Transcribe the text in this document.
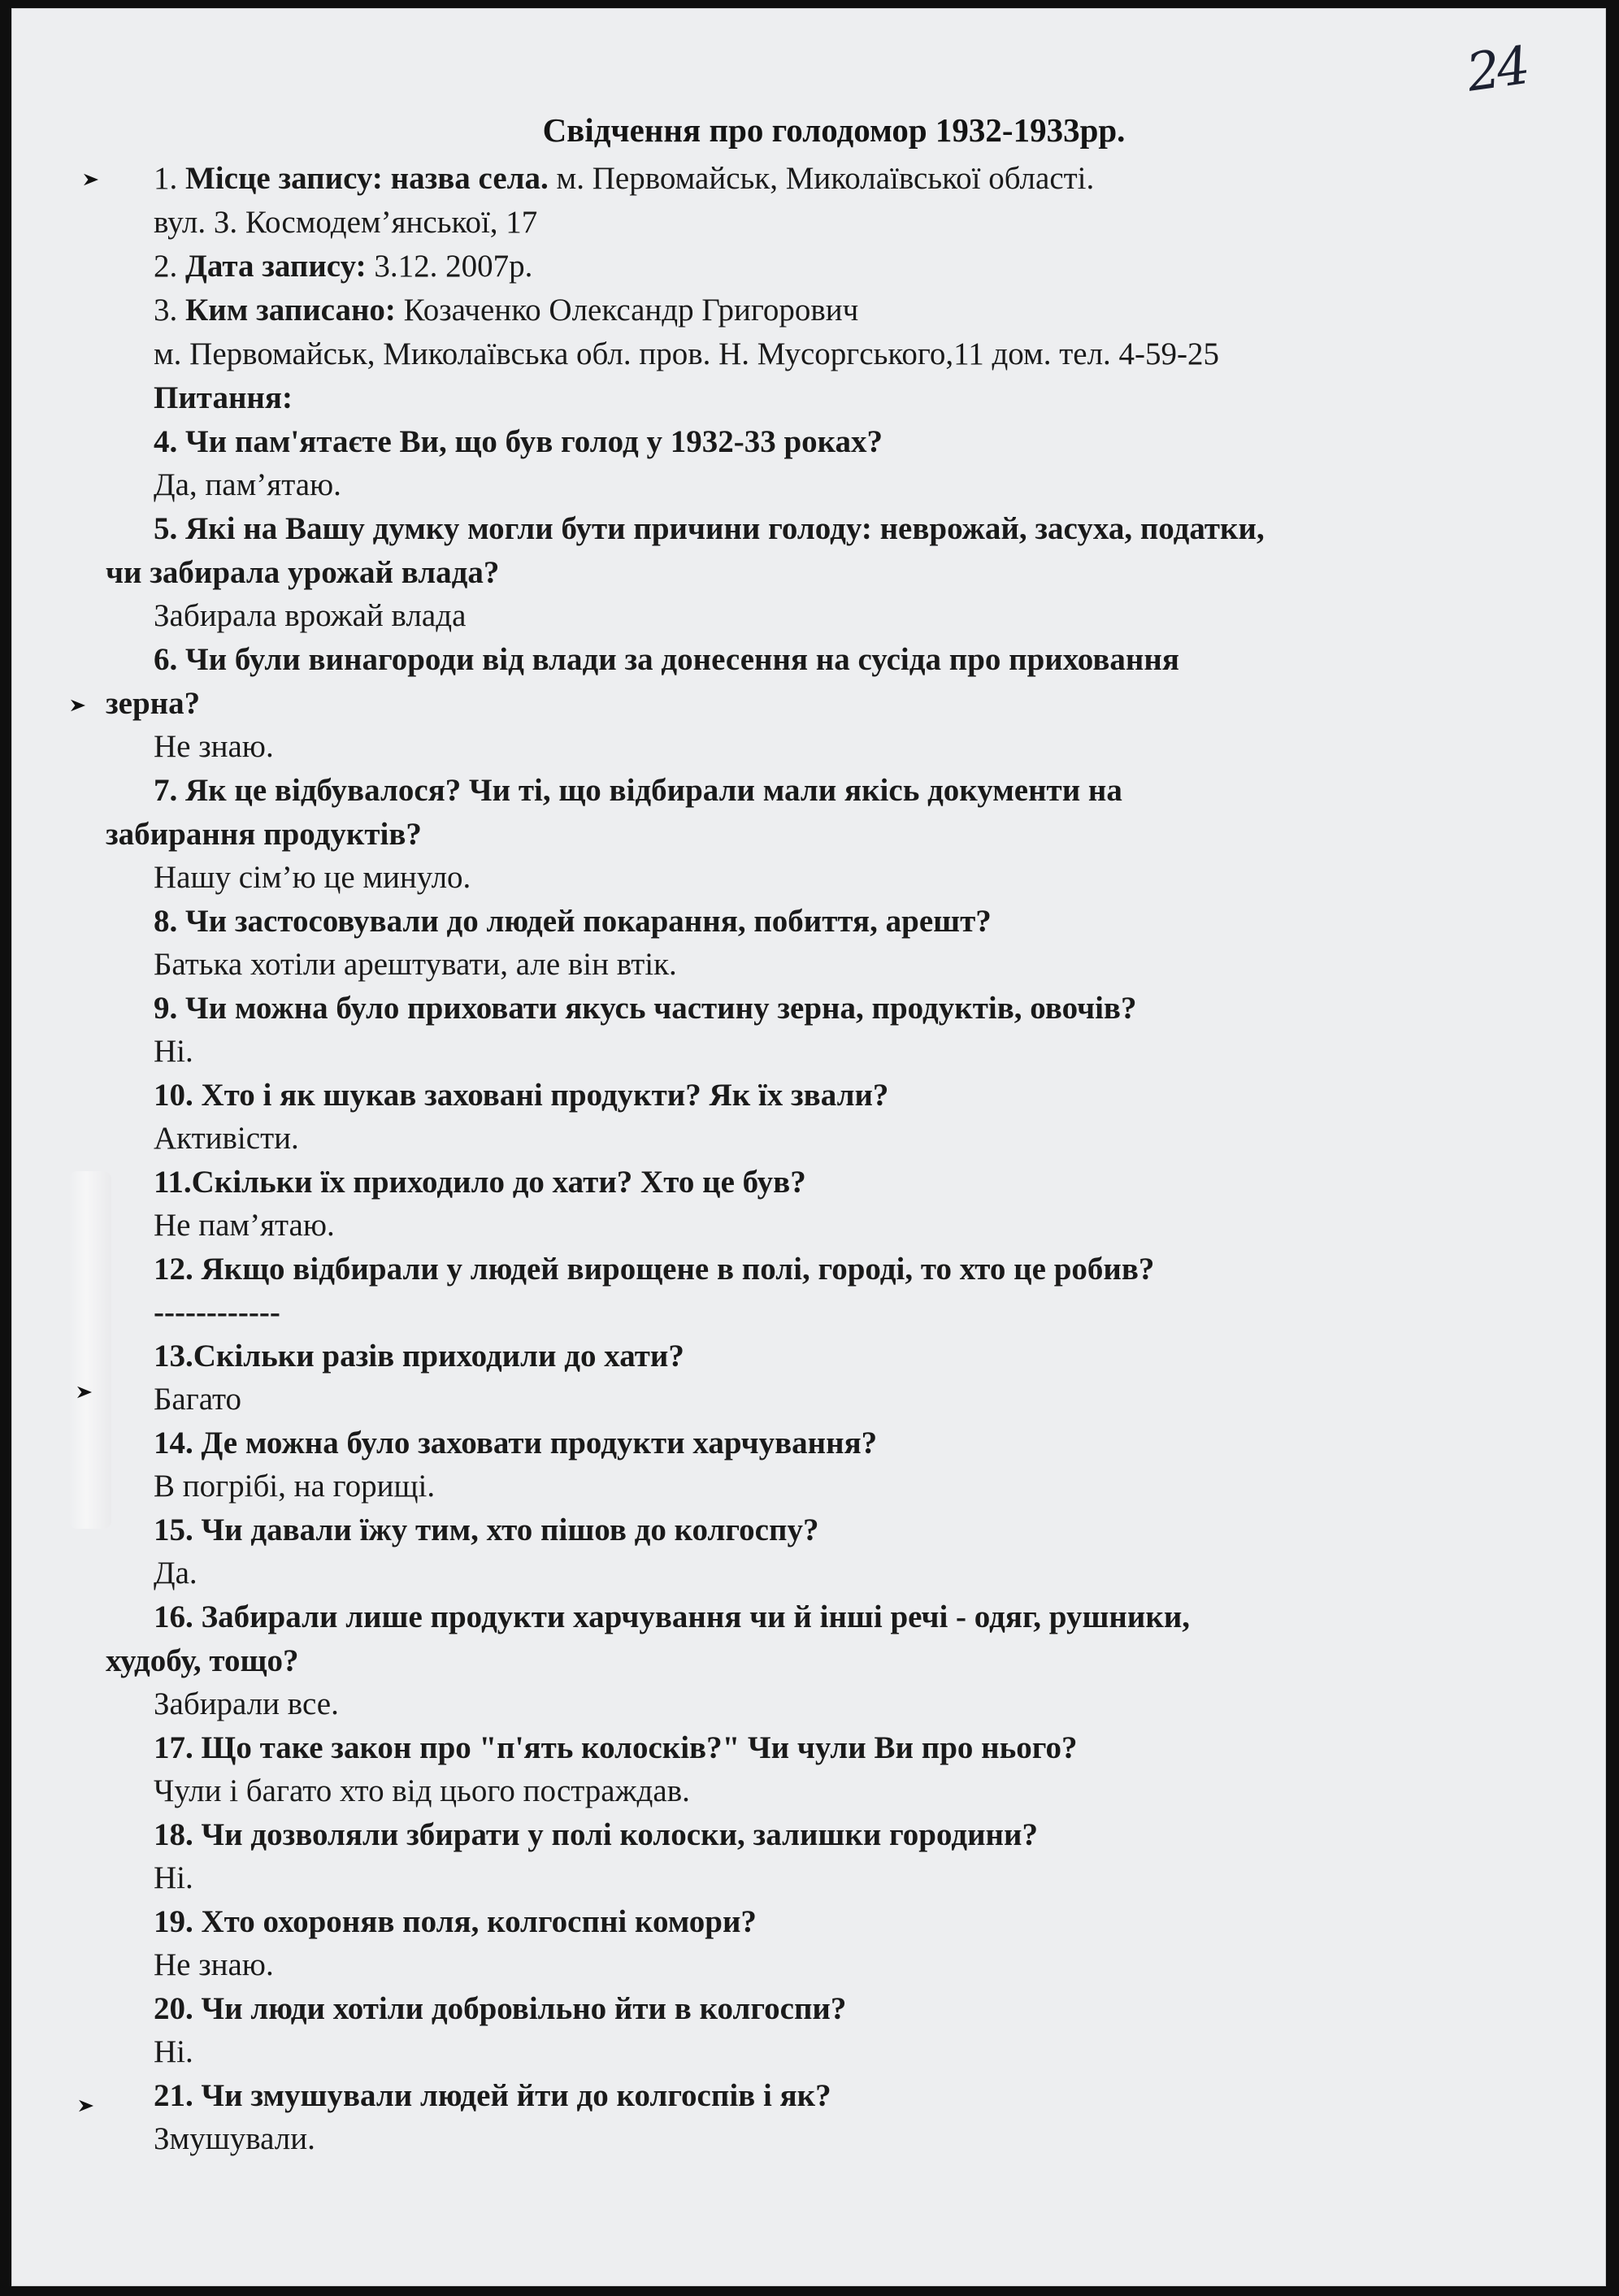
24
Свідчення про голодомор 1932-1933рр.
1. Місце запису: назва села. м. Первомайськ, Миколаївської області.
вул. З. Космодем’янської, 17
2. Дата запису: 3.12. 2007р.
3. Ким записано: Козаченко Олександр Григорович
м. Первомайськ, Миколаївська обл. пров. Н. Мусоргського,11 дом. тел. 4-59-25
Питання:
4. Чи пам'ятаєте Ви, що був голод у 1932-33 роках?
Да, пам’ятаю.
5. Які на Вашу думку могли бути причини голоду: неврожай, засуха, податки,
чи забирала урожай влада?
Забирала врожай влада
6. Чи були винагороди від влади за донесення на сусіда про приховання
зерна?
Не знаю.
7. Як це відбувалося? Чи ті, що відбирали мали якісь документи на
забирання продуктів?
Нашу сім’ю це минуло.
8. Чи застосовували до людей покарання, побиття, арешт?
Батька хотіли арештувати, але він втік.
9. Чи можна було приховати якусь частину зерна, продуктів, овочів?
Ні.
10. Хто і як шукав заховані продукти? Як їх звали?
Активісти.
11.Скільки їх приходило до хати? Хто це був?
Не пам’ятаю.
12. Якщо відбирали у людей вирощене в полі, городі, то хто це робив?
------------
13.Скільки разів приходили до хати?
Багато
14. Де можна було заховати продукти харчування?
В погрібі, на горищі.
15. Чи давали їжу тим, хто пішов до колгоспу?
Да.
16. Забирали лише продукти харчування чи й інші речі - одяг, рушники,
худобу, тощо?
Забирали все.
17. Що таке закон про "п'ять колосків?" Чи чули Ви про нього?
Чули і багато хто від цього постраждав.
18. Чи дозволяли збирати у полі колоски, залишки городини?
Ні.
19. Хто охороняв поля, колгоспні комори?
Не знаю.
20. Чи люди хотіли добровільно йти в колгоспи?
Ні.
21. Чи змушували людей йти до колгоспів і як?
Змушували.
